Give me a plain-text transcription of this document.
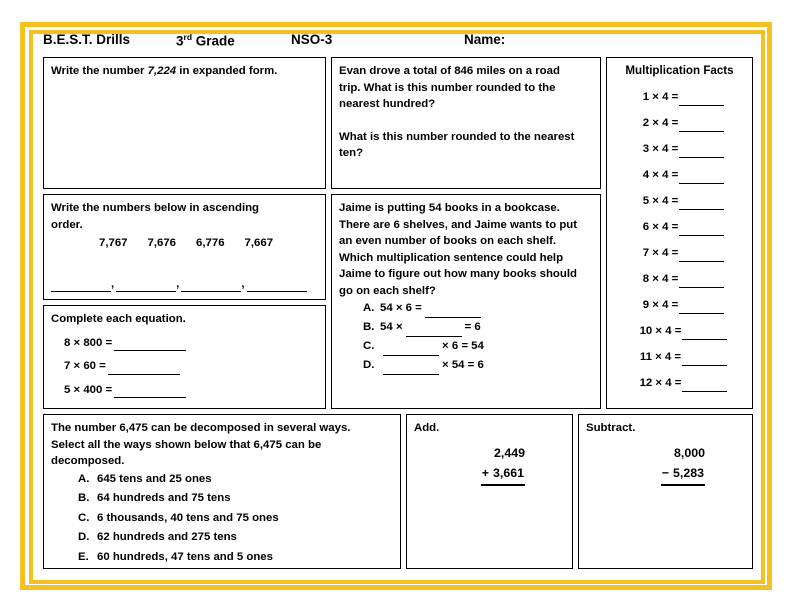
B.E.S.T. Drills	3rd Grade	NSO-3	Name:
Write the number 7,224 in expanded form.
Write the numbers below in ascending
order.
7,767 7,676 6,776 7,667
,	,	,
Complete each equation.
8 × 800 =
7 × 60 =
5 × 400 =
Evan drove a total of 846 miles on a road
trip. What is this number rounded to the
nearest hundred?
What is this number rounded to the nearest
ten?
Jaime is putting 54 books in a bookcase.
There are 6 shelves, and Jaime wants to put
an even number of books on each shelf.
Which multiplication sentence could help
Jaime to figure out how many books should
go on each shelf?
A. 54 × 6 =
B. 54 ×	= 6
C.	× 6 = 54
D.	× 54 = 6
Multiplication Facts
1 × 4 =
2 × 4 =
3 × 4 =
4 × 4 =
5 × 4 =
6 × 4 =
7 × 4 =
8 × 4 =
9 × 4 =
10 × 4 =
11 × 4 =
12 × 4 =
The number 6,475 can be decomposed in several ways.
Select all the ways shown below that 6,475 can be
decomposed.
A. 645 tens and 25 ones
B. 64 hundreds and 75 tens
C. 6 thousands, 40 tens and 75 ones
D. 62 hundreds and 275 tens
E. 60 hundreds, 47 tens and 5 ones
Add.
2,449
+ 3,661
Subtract.
8,000
− 5,283
